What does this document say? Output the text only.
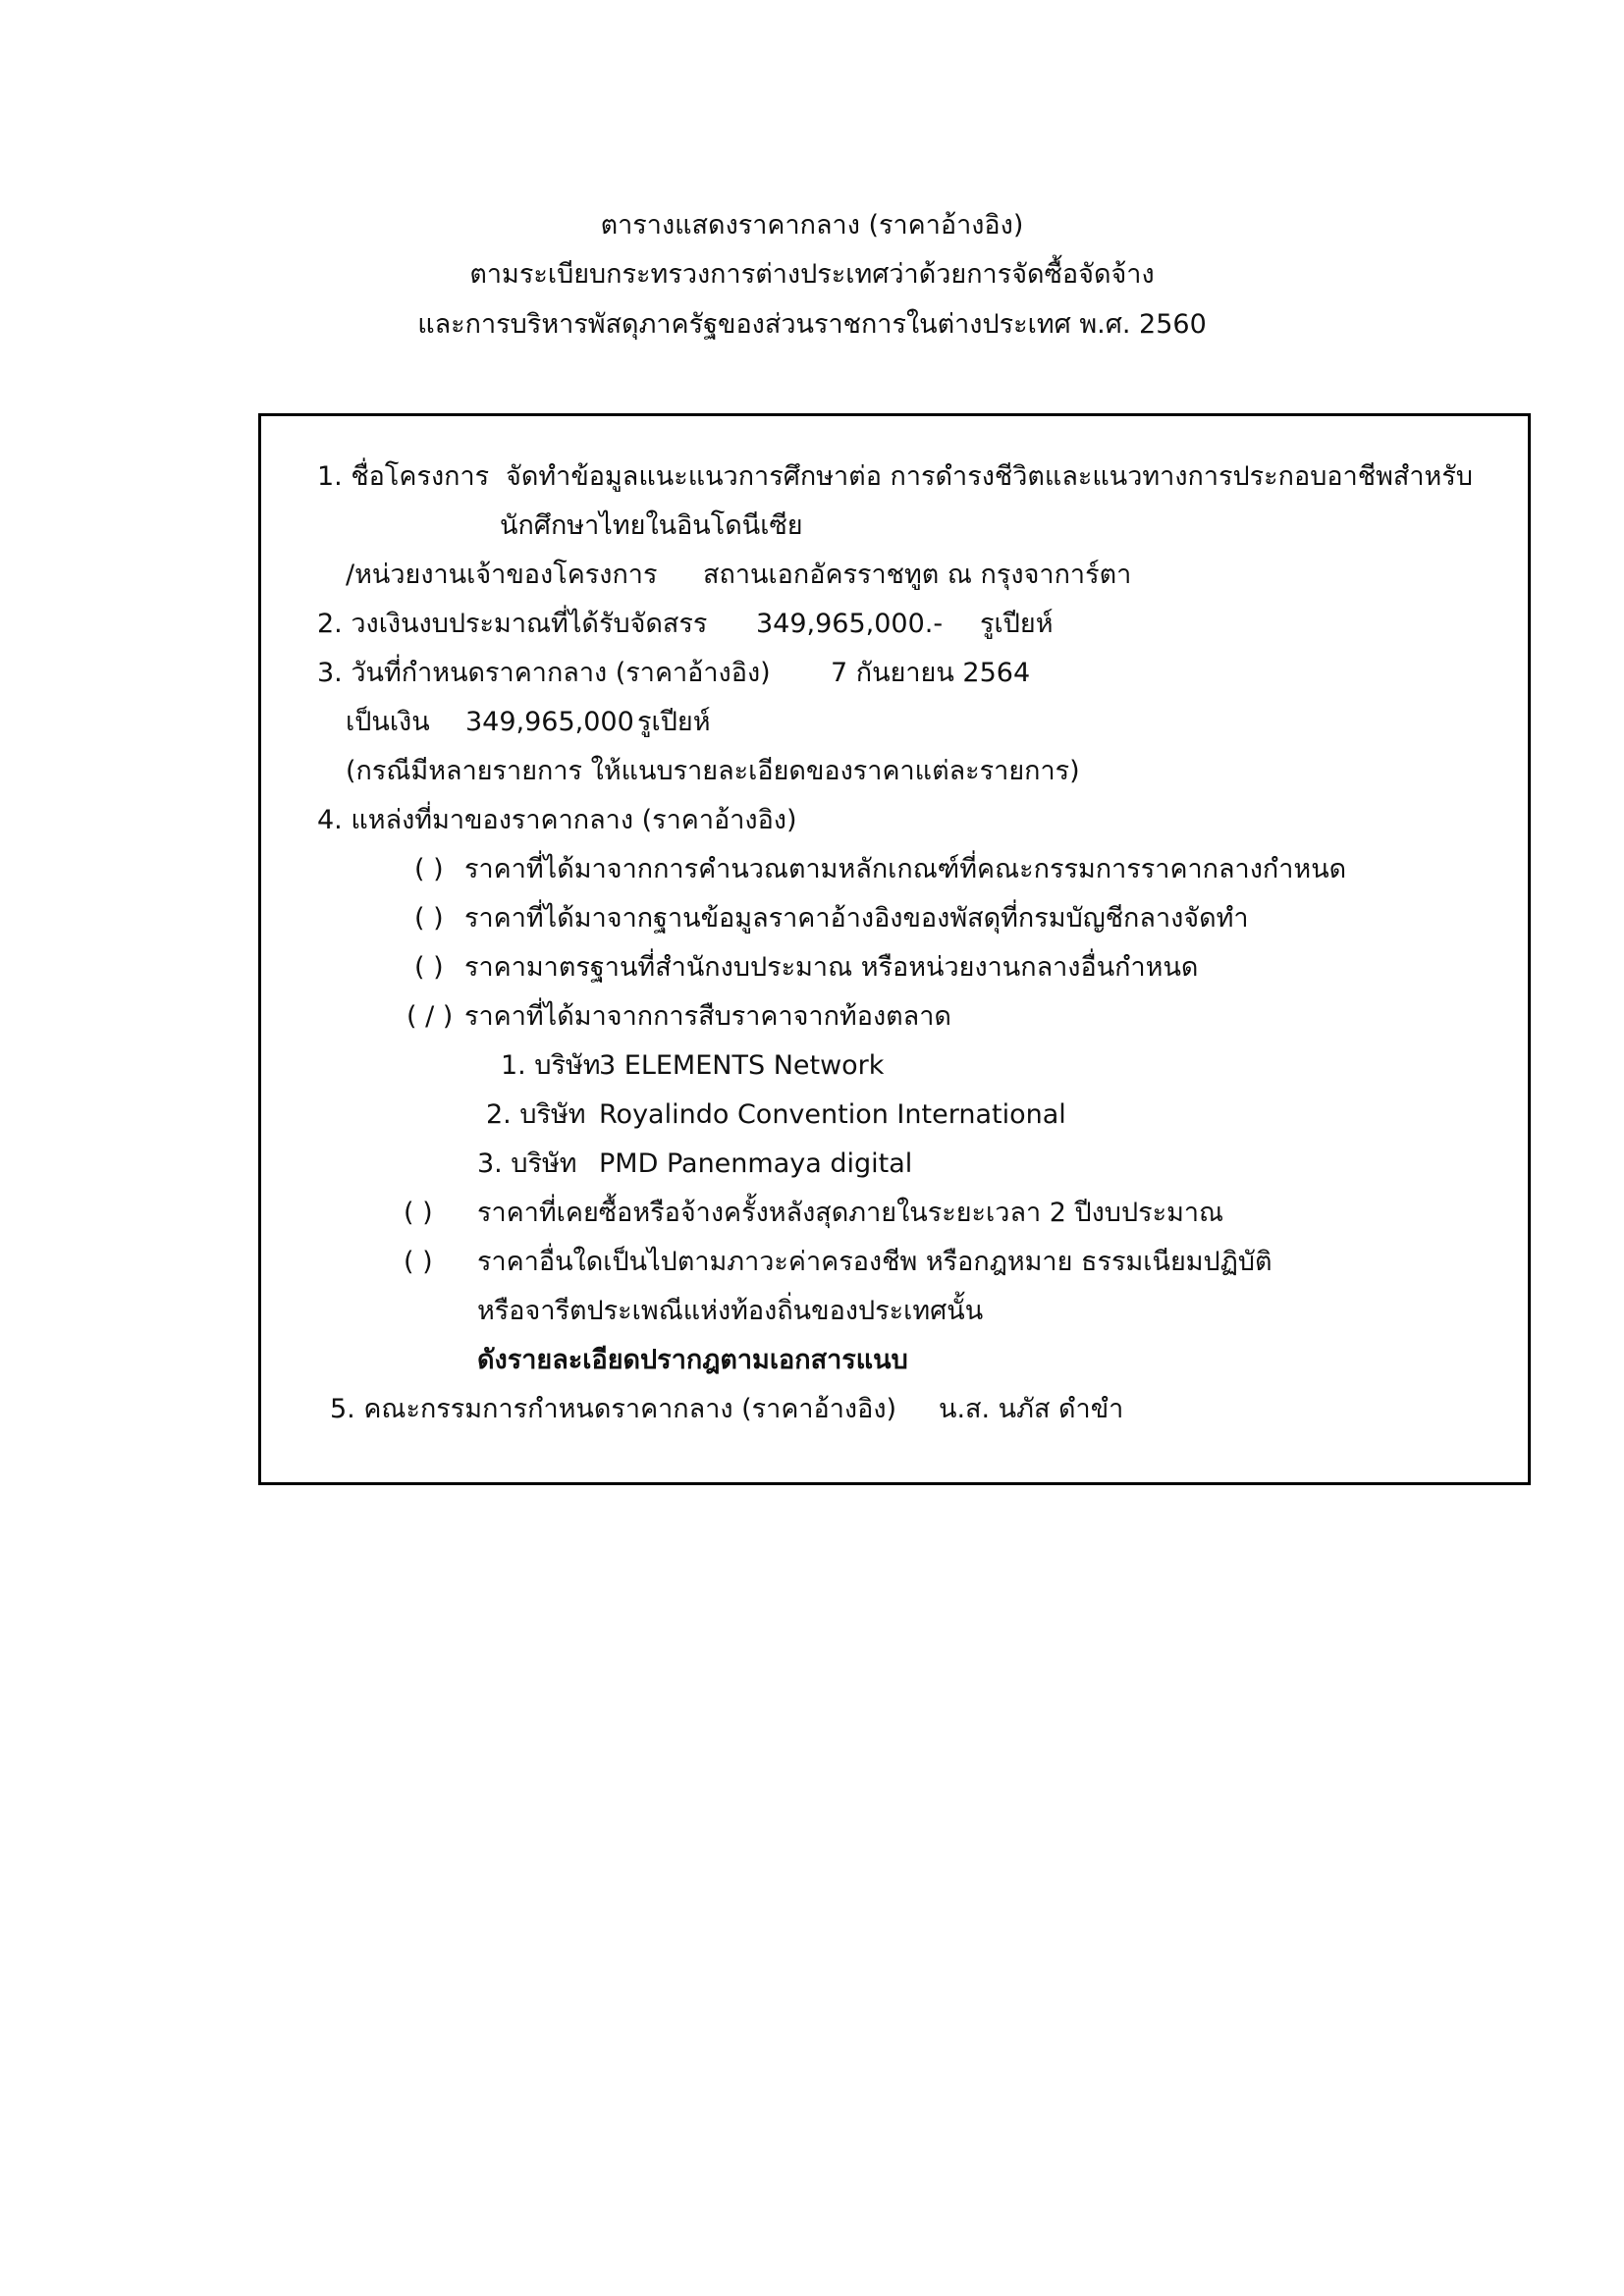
ตารางแสดงราคากลาง (ราคาอ้างอิง)
ตามระเบียบกระทรวงการต่างประเทศว่าด้วยการจัดซื้อจัดจ้าง
และการบริหารพัสดุภาครัฐของส่วนราชการในต่างประเทศ พ.ศ. 2560
1. ชื่อโครงการ จัดทำข้อมูลแนะแนวการศึกษาต่อ การดำรงชีวิตและแนวทางการประกอบอาชีพสำหรับ
นักศึกษาไทยในอินโดนีเซีย
/หน่วยงานเจ้าของโครงการ สถานเอกอัครราชทูต ณ กรุงจาการ์ตา
2. วงเงินงบประมาณที่ได้รับจัดสรร 349,965,000.- รูเปียห์
3. วันที่กำหนดราคากลาง (ราคาอ้างอิง) 7 กันยายน 2564
เป็นเงิน 349,965,000 รูเปียห์
(กรณีมีหลายรายการ ให้แนบรายละเอียดของราคาแต่ละรายการ)
4. แหล่งที่มาของราคากลาง (ราคาอ้างอิง)
( ) ราคาที่ได้มาจากการคำนวณตามหลักเกณฑ์ที่คณะกรรมการราคากลางกำหนด
( ) ราคาที่ได้มาจากฐานข้อมูลราคาอ้างอิงของพัสดุที่กรมบัญชีกลางจัดทำ
( ) ราคามาตรฐานที่สำนักงบประมาณ หรือหน่วยงานกลางอื่นกำหนด
( / ) ราคาที่ได้มาจากการสืบราคาจากท้องตลาด
1. บริษัท
3 ELEMENTS Network
2. บริษัท Royalindo Convention International
3. บริษัท PMD Panenmaya digital
( ) ราคาที่เคยซื้อหรือจ้างครั้งหลังสุดภายในระยะเวลา 2 ปีงบประมาณ
( ) ราคาอื่นใดเป็นไปตามภาวะค่าครองชีพ หรือกฎหมาย ธรรมเนียมปฏิบัติ
หรือจารีตประเพณีแห่งท้องถิ่นของประเทศนั้น
ดังรายละเอียดปรากฎตามเอกสารแนบ
5. คณะกรรมการกำหนดราคากลาง (ราคาอ้างอิง) น.ส. นภัส ดำขำ
